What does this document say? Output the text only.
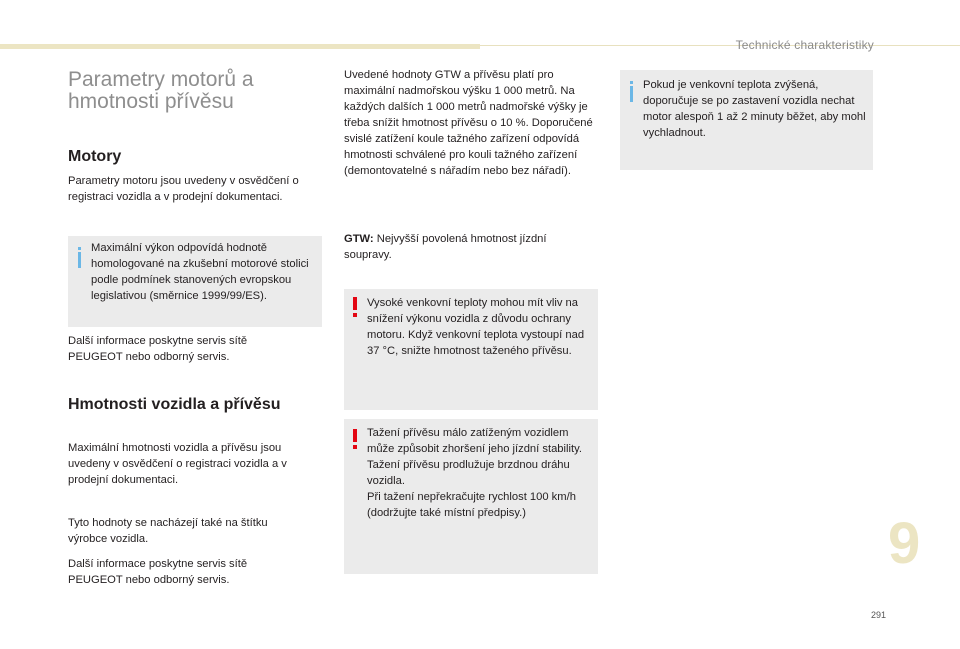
Technické charakteristiky
Parametry motorů a hmotnosti přívěsu
Motory

Parametry motoru jsou uvedeny v osvědčení o registraci vozidla a v prodejní dokumentaci.

Maximální výkon odpovídá hodnotě homologované na zkušební motorové stolici podle podmínek stanovených evropskou legislativou (směrnice 1999/99/ES).

Další informace poskytne servis sítě PEUGEOT nebo odborný servis.

Hmotnosti vozidla a přívěsu

Maximální hmotnosti vozidla a přívěsu jsou uvedeny v osvědčení o registraci vozidla a v prodejní dokumentaci.

Tyto hodnoty se nacházejí také na štítku výrobce vozidla.

Další informace poskytne servis sítě PEUGEOT nebo odborný servis.

Uvedené hodnoty GTW a přívěsu platí pro maximální nadmořskou výšku 1 000 metrů. Na každých dalších 1 000 metrů nadmořské výšky je třeba snížit hmotnost přívěsu o 10 %. Doporučené svislé zatížení koule tažného zařízení odpovídá hmotnosti schválené pro kouli tažného zařízení (demontovatelné s nářadím nebo bez nářadí).

GTW: Nejvyšší povolená hmotnost jízdní soupravy.

Vysoké venkovní teploty mohou mít vliv na snížení výkonu vozidla z důvodu ochrany motoru. Když venkovní teplota vystoupí nad 37 °C, snižte hmotnost taženého přívěsu.

Tažení přívěsu málo zatíženým vozidlem může způsobit zhoršení jeho jízdní stability.

Tažení přívěsu prodlužuje brzdnou dráhu vozidla.

Při tažení nepřekračujte rychlost 100 km/h (dodržujte také místní předpisy.)

Pokud je venkovní teplota zvýšená, doporučuje se po zastavení vozidla nechat motor alespoň 1 až 2 minuty běžet, aby mohl vychladnout.

9
291
